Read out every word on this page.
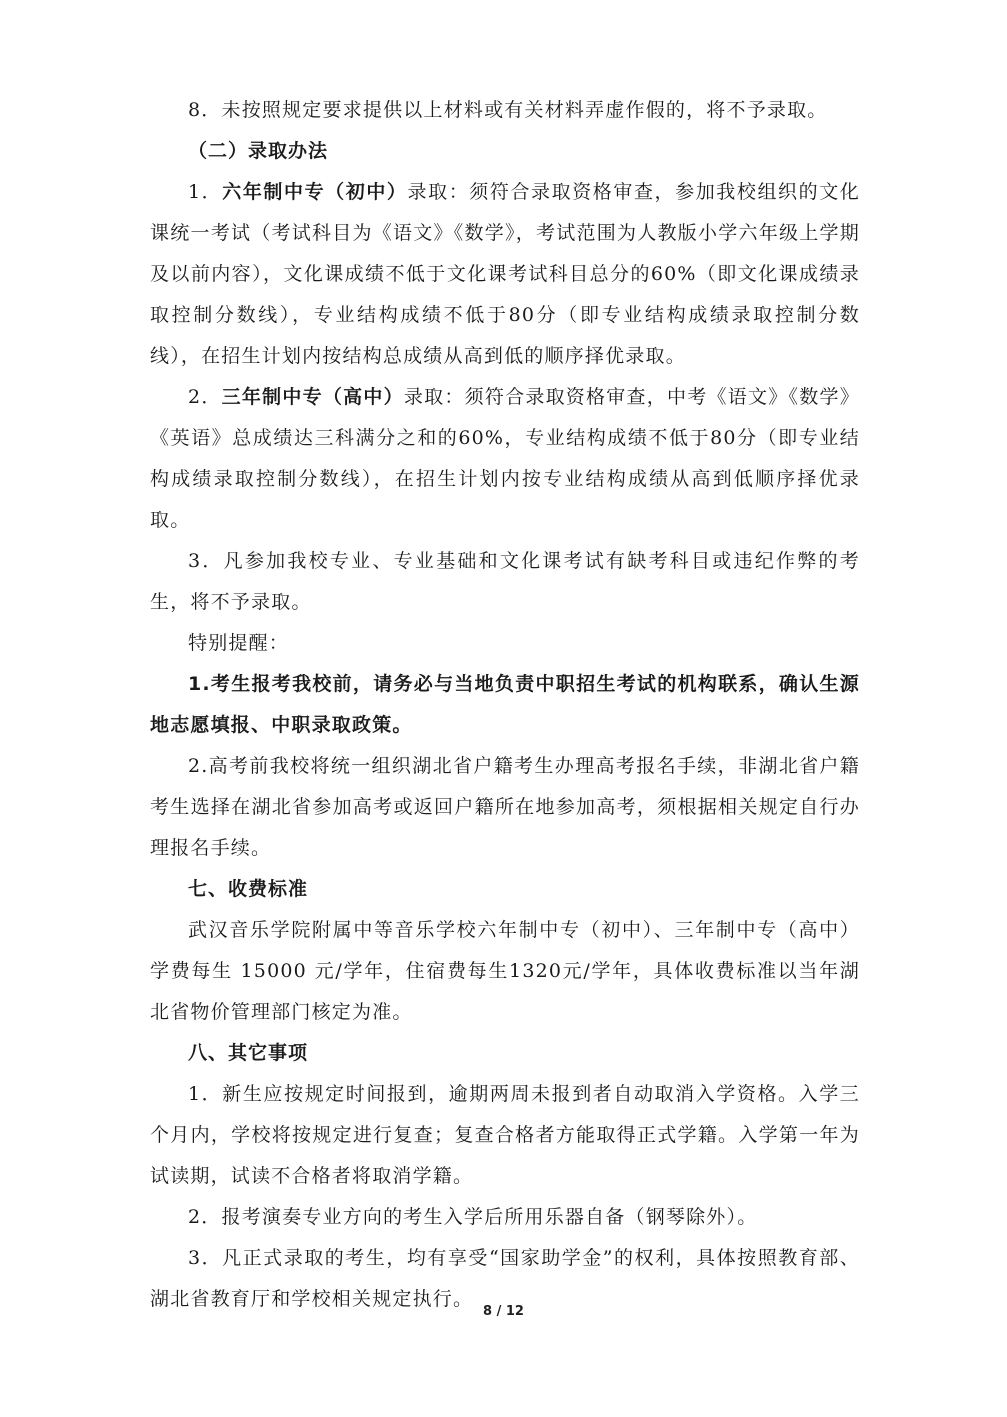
8．未按照规定要求提供以上材料或有关材料弄虚作假的，将不予录取。

（二）录取办法

1．六年制中专（初中）录取：须符合录取资格审查，参加我校组织的文化课统一考试（考试科目为《语文》《数学》，考试范围为人教版小学六年级上学期及以前内容），文化课成绩不低于文化课考试科目总分的60%（即文化课成绩录取控制分数线），专业结构成绩不低于80分（即专业结构成绩录取控制分数线），在招生计划内按结构总成绩从高到低的顺序择优录取。

2．三年制中专（高中）录取：须符合录取资格审查，中考《语文》《数学》《英语》总成绩达三科满分之和的60%，专业结构成绩不低于80分（即专业结构成绩录取控制分数线），在招生计划内按专业结构成绩从高到低顺序择优录取。

3．凡参加我校专业、专业基础和文化课考试有缺考科目或违纪作弊的考生，将不予录取。

特别提醒：

1.考生报考我校前，请务必与当地负责中职招生考试的机构联系，确认生源地志愿填报、中职录取政策。

2.高考前我校将统一组织湖北省户籍考生办理高考报名手续，非湖北省户籍考生选择在湖北省参加高考或返回户籍所在地参加高考，须根据相关规定自行办理报名手续。

七、收费标准

武汉音乐学院附属中等音乐学校六年制中专（初中）、三年制中专（高中）学费每生 15000 元/学年，住宿费每生1320元/学年，具体收费标准以当年湖北省物价管理部门核定为准。

八、其它事项

1．新生应按规定时间报到，逾期两周未报到者自动取消入学资格。入学三个月内，学校将按规定进行复查；复查合格者方能取得正式学籍。入学第一年为试读期，试读不合格者将取消学籍。

2．报考演奏专业方向的考生入学后所用乐器自备（钢琴除外）。

3．凡正式录取的考生，均有享受“国家助学金”的权利，具体按照教育部、湖北省教育厅和学校相关规定执行。

8 / 12
